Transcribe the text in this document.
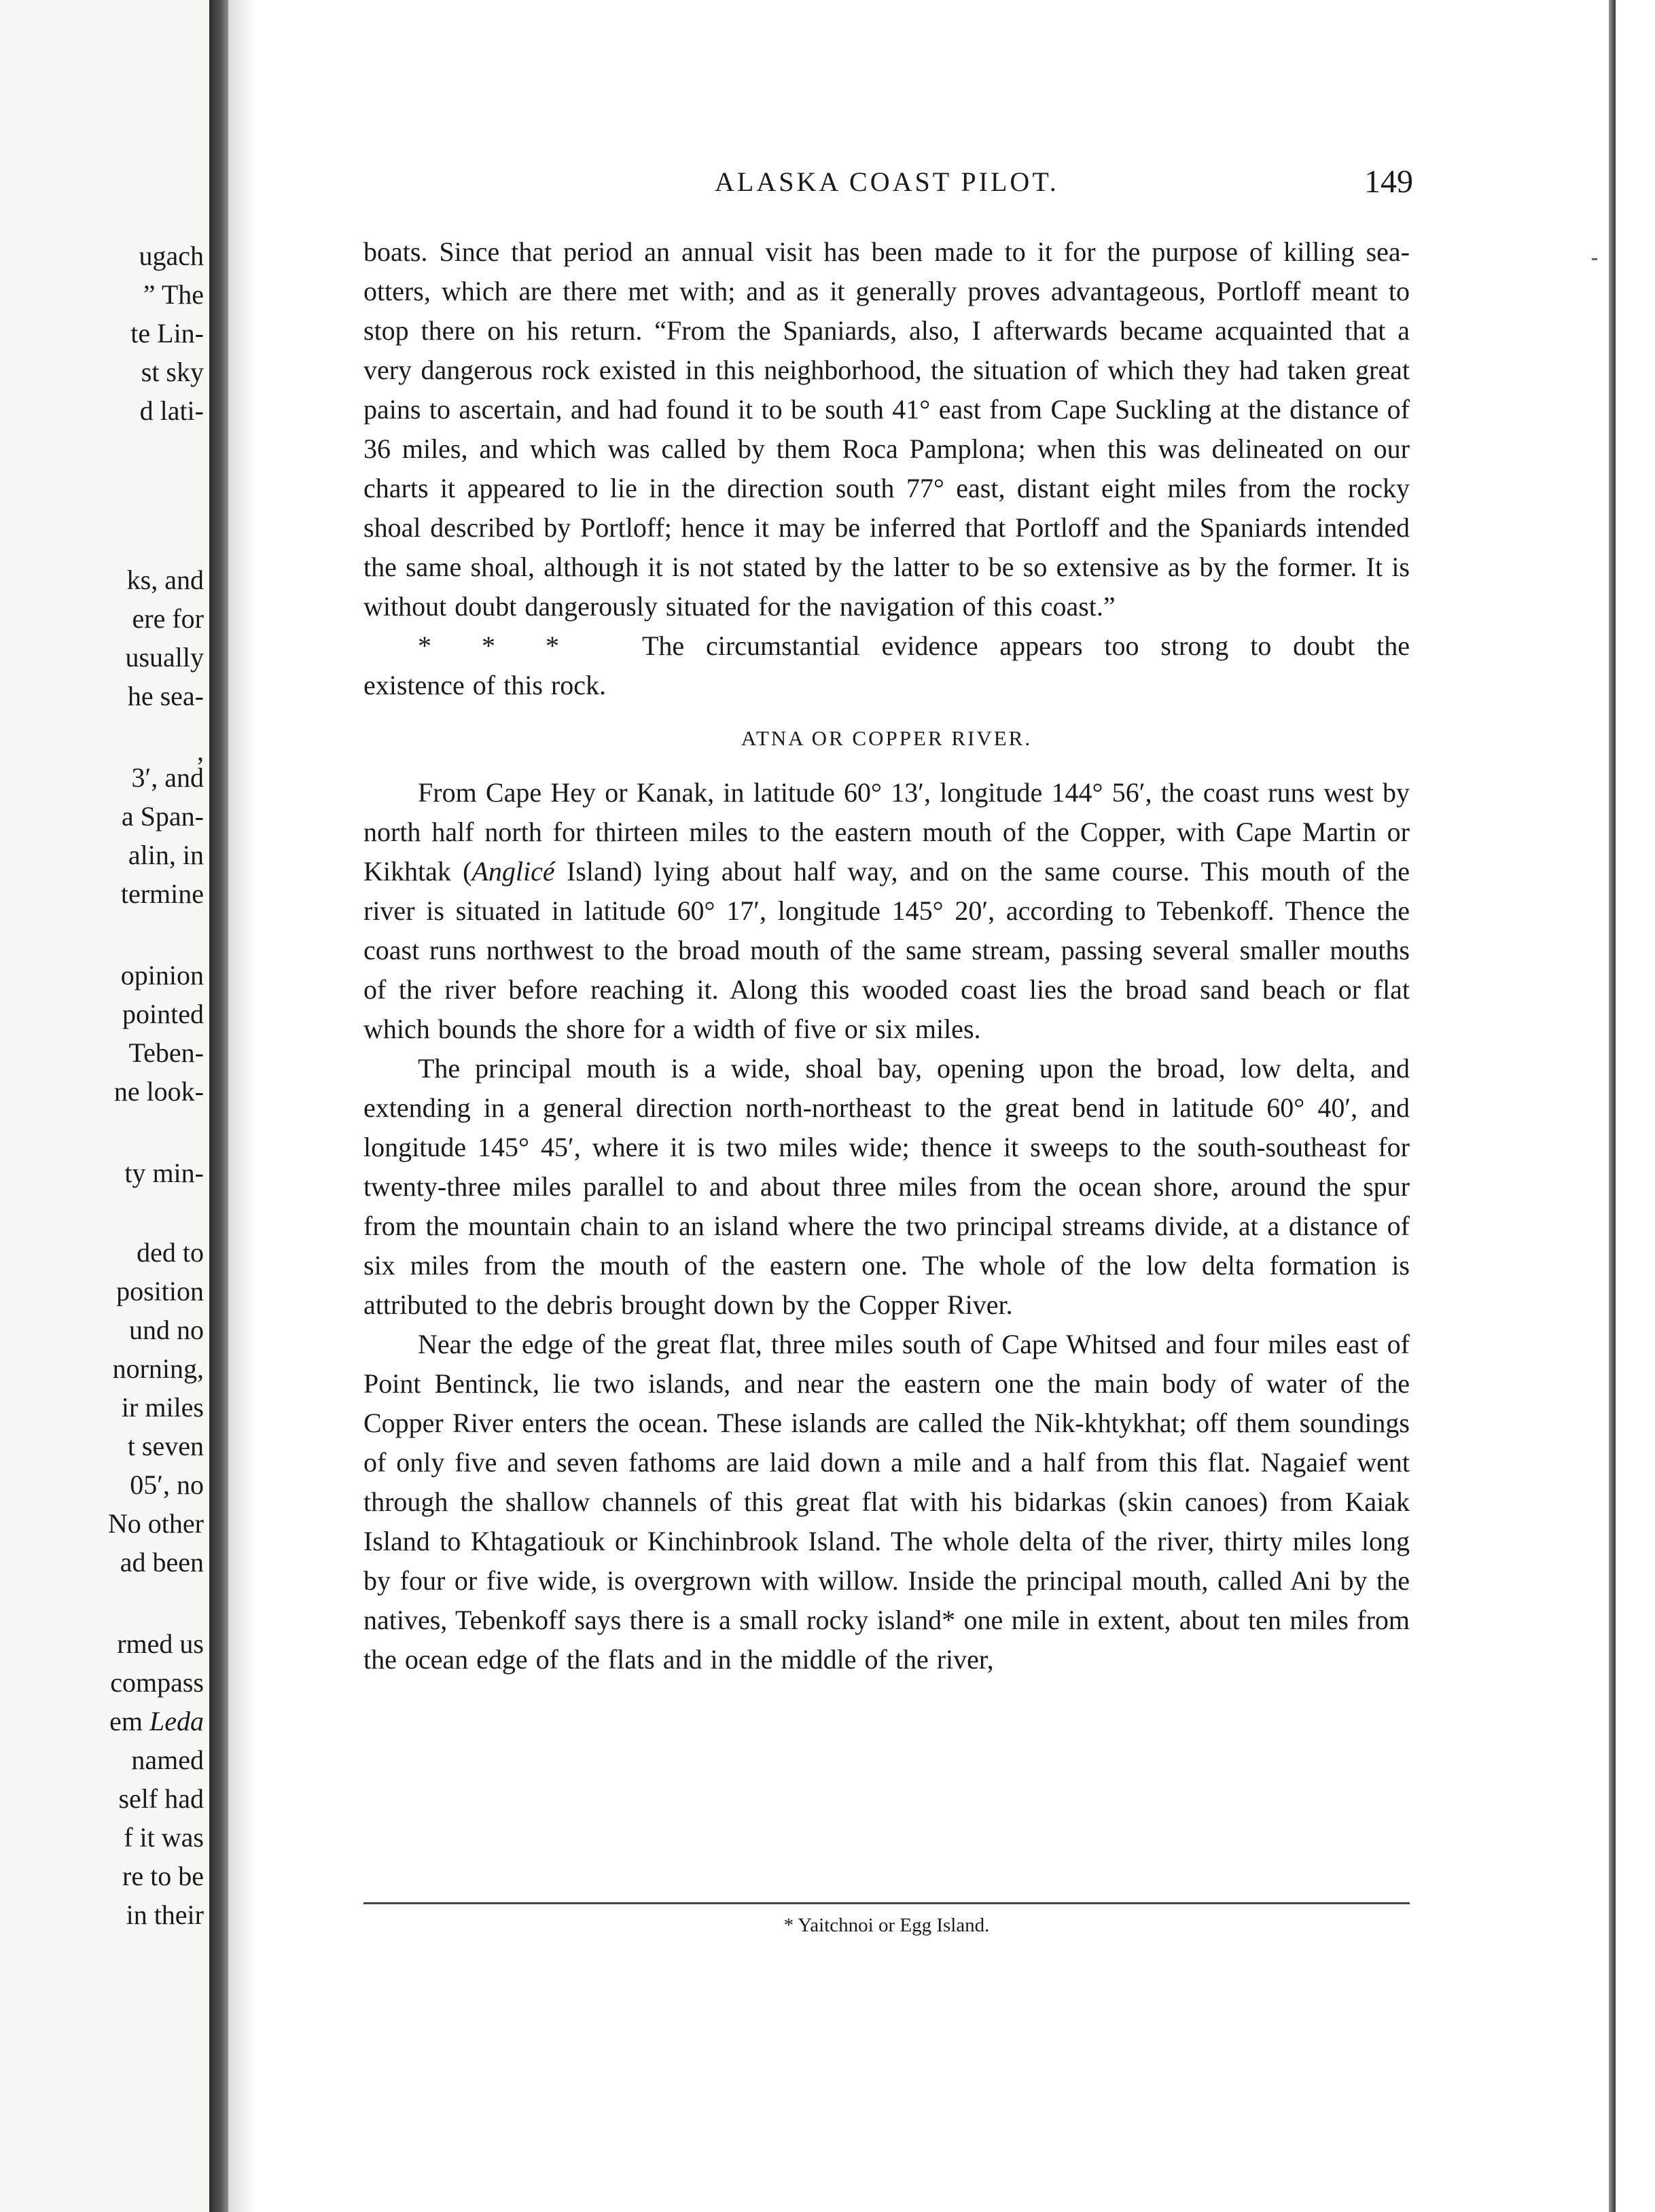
ugach
” The
te Lin-
st sky
d lati-
ks, and
ere for
usually
he sea-
,
3′, and
a Span-
alin, in
termine
opinion
pointed
Teben-
ne look-
ty min-
ded to
position
und no
norning,
ir miles
t seven
05′, no
No other
ad been
rmed us
compass
em Leda
named
self had
f it was
re to be
in their
ALASKA COAST PILOT.	149

boats. Since that period an annual visit has been made to it for the purpose of killing sea-otters, which are there met with; and as it generally proves advantageous, Portloff meant to stop there on his return. “From the Spaniards, also, I afterwards became acquainted that a very dangerous rock existed in this neighborhood, the situation of which they had taken great pains to ascertain, and had found it to be south 41° east from Cape Suckling at the distance of 36 miles, and which was called by them Roca Pamplona; when this was delineated on our charts it appeared to lie in the direction south 77° east, distant eight miles from the rocky shoal described by Portloff; hence it may be inferred that Portloff and the Spaniards intended the same shoal, although it is not stated by the latter to be so extensive as by the former. It is without doubt dangerously situated for the navigation of this coast.”

*      *      *	The circumstantial evidence appears too strong to doubt the

existence of this rock.

ATNA OR COPPER RIVER.

From Cape Hey or Kanak, in latitude 60° 13′, longitude 144° 56′, the coast runs west by north half north for thirteen miles to the eastern mouth of the Copper, with Cape Martin or Kikhtak (Anglicé Island) lying about half way, and on the same course. This mouth of the river is situated in latitude 60° 17′, longitude 145° 20′, according to Tebenkoff. Thence the coast runs northwest to the broad mouth of the same stream, passing several smaller mouths of the river before reaching it. Along this wooded coast lies the broad sand beach or flat which bounds the shore for a width of five or six miles.

The principal mouth is a wide, shoal bay, opening upon the broad, low delta, and extending in a general direction north-northeast to the great bend in latitude 60° 40′, and longitude 145° 45′, where it is two miles wide; thence it sweeps to the south-southeast for twenty-three miles parallel to and about three miles from the ocean shore, around the spur from the mountain chain to an island where the two principal streams divide, at a distance of six miles from the mouth of the eastern one. The whole of the low delta formation is attributed to the debris brought down by the Copper River.

Near the edge of the great flat, three miles south of Cape Whitsed and four miles east of Point Bentinck, lie two islands, and near the eastern one the main body of water of the Copper River enters the ocean. These islands are called the Nik-khtykhat; off them soundings of only five and seven fathoms are laid down a mile and a half from this flat. Nagaief went through the shallow channels of this great flat with his bidarkas (skin canoes) from Kaiak Island to Khtagatiouk or Kinchinbrook Island. The whole delta of the river, thirty miles long by four or five wide, is overgrown with willow. Inside the principal mouth, called Ani by the natives, Tebenkoff says there is a small rocky island* one mile in extent, about ten miles from the ocean edge of the flats and in the middle of the river,

* Yaitchnoi or Egg Island.
